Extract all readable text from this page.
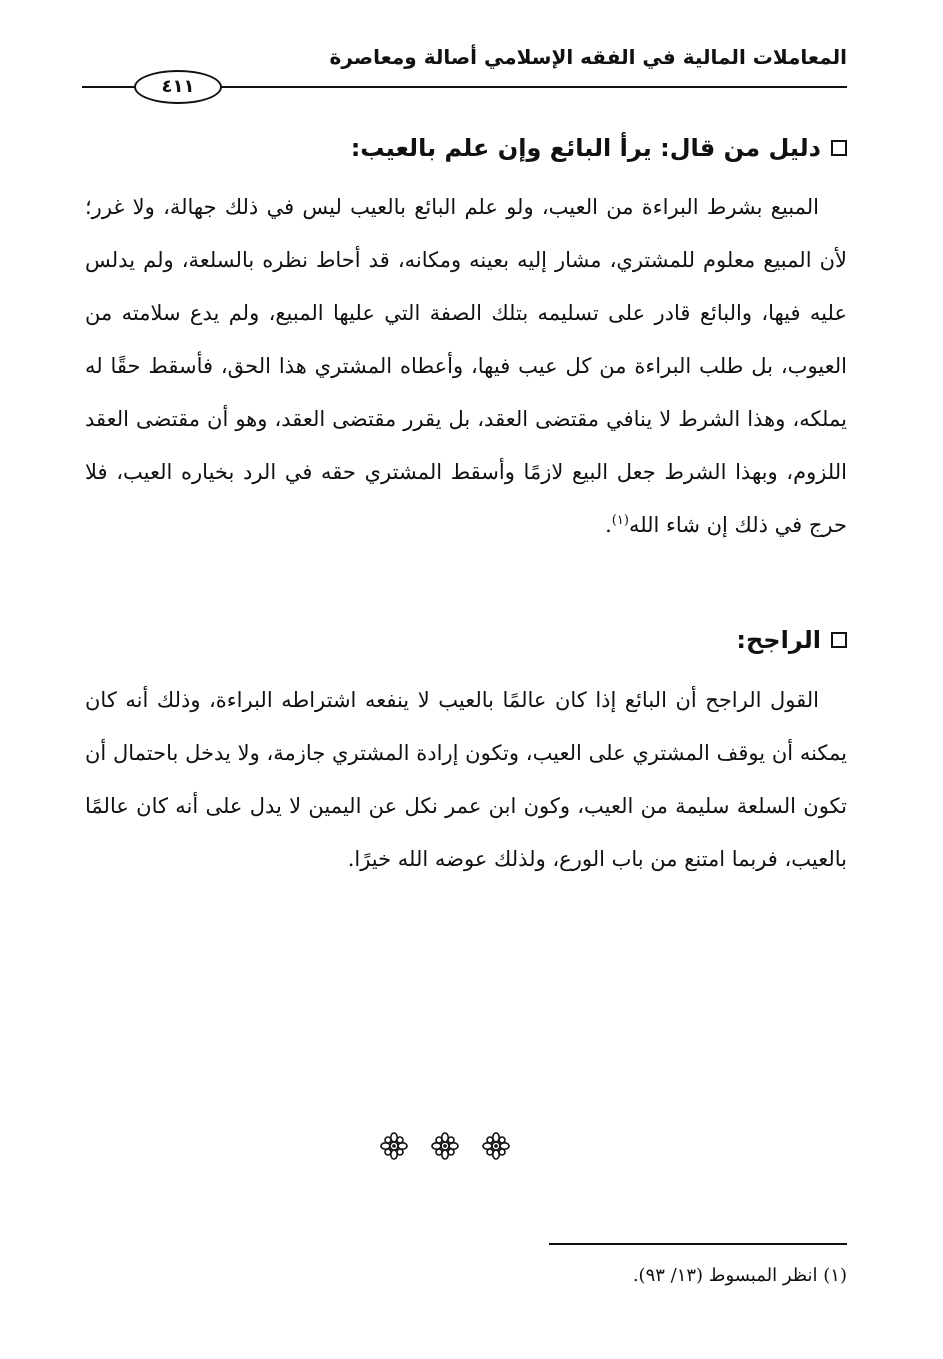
المعاملات المالية في الفقه الإسلامي أصالة ومعاصرة
٤١١
دليل من قال: يرأ البائع وإن علم بالعيب:

المبيع بشرط البراءة من العيب، ولو علم البائع بالعيب ليس في ذلك جهالة، ولا غرر؛ لأن المبيع معلوم للمشتري، مشار إليه بعينه ومكانه، قد أحاط نظره بالسلعة، ولم يدلس عليه فيها، والبائع قادر على تسليمه بتلك الصفة التي عليها المبيع، ولم يدع سلامته من العيوب، بل طلب البراءة من كل عيب فيها، وأعطاه المشتري هذا الحق، فأسقط حقًا له يملكه، وهذا الشرط لا ينافي مقتضى العقد، بل يقرر مقتضى العقد، وهو أن مقتضى العقد اللزوم، وبهذا الشرط جعل البيع لازمًا وأسقط المشتري حقه في الرد بخياره العيب، فلا حرج في ذلك إن شاء الله$^{(١)}$.

الراجح:

القول الراجح أن البائع إذا كان عالمًا بالعيب لا ينفعه اشتراطه البراءة، وذلك أنه كان يمكنه أن يوقف المشتري على العيب، وتكون إرادة المشتري جازمة، ولا يدخل باحتمال أن تكون السلعة سليمة من العيب، وكون ابن عمر نكل عن اليمين لا يدل على أنه كان عالمًا بالعيب، فربما امتنع من باب الورع، ولذلك عوضه الله خيرًا.

(١) انظر المبسوط (١٣/ ٩٣).
